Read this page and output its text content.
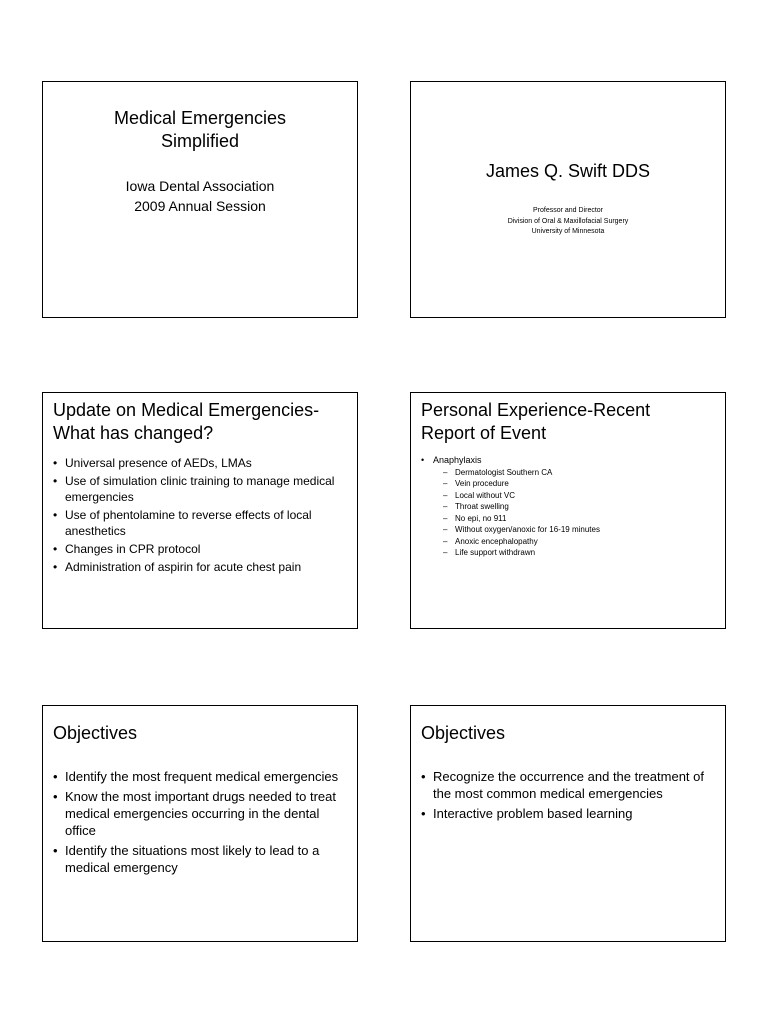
Medical Emergencies
Simplified
Iowa Dental Association
2009 Annual Session
James Q. Swift DDS
Professor and Director
Division of Oral & Maxillofacial Surgery
University of Minnesota
Update on Medical Emergencies-
What has changed?
• Universal presence of AEDs, LMAs
• Use of simulation clinic training to manage medical emergencies
• Use of phentolamine to reverse effects of local anesthetics
• Changes in CPR protocol
• Administration of aspirin for acute chest pain
Personal Experience-Recent
Report of Event
• Anaphylaxis
– Dermatologist Southern CA
– Vein procedure
– Local without VC
– Throat swelling
– No epi, no 911
– Without oxygen/anoxic for 16-19 minutes
– Anoxic encephalopathy
– Life support withdrawn
Objectives
• Identify the most frequent medical emergencies
• Know the most important drugs needed to treat medical emergencies occurring in the dental office
• Identify the situations most likely to lead to a medical emergency
Objectives
• Recognize the occurrence and the treatment of the most common medical emergencies
• Interactive problem based learning
